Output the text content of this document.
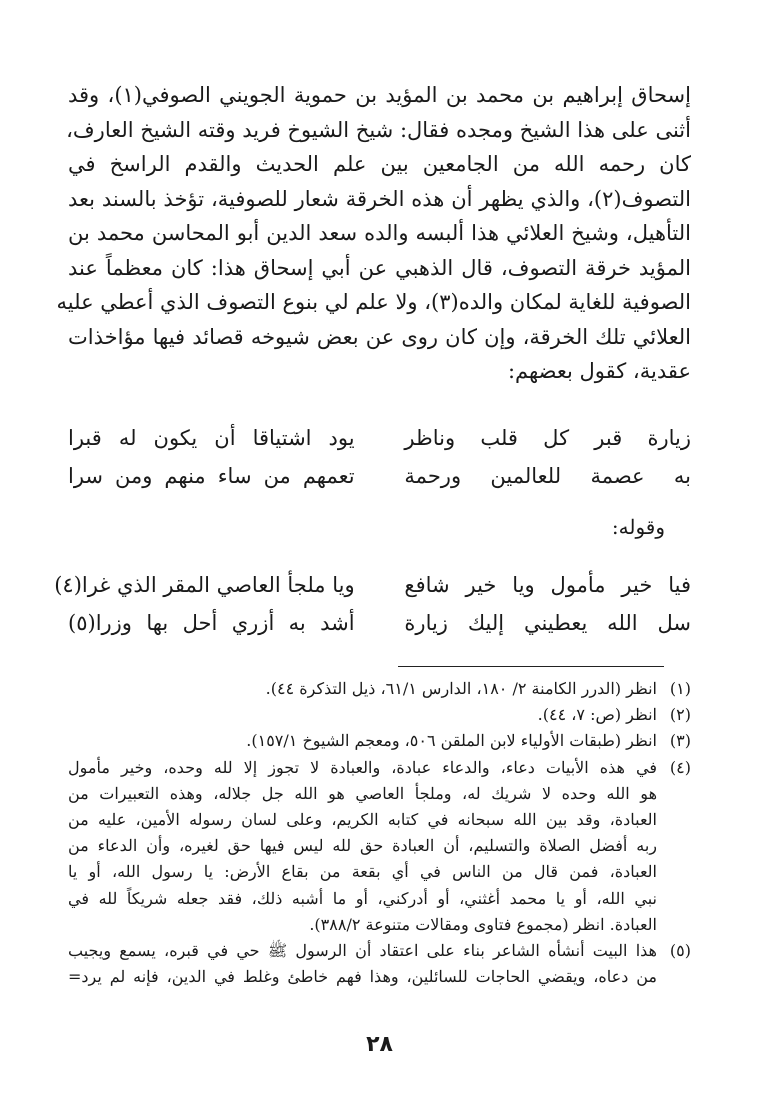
إسحاق إبراهيم بن محمد بن المؤيد بن حموية الجويني الصوفي(١)، وقد
أثنى على هذا الشيخ ومجده فقال: شيخ الشيوخ فريد وقته الشيخ العارف،
كان رحمه الله من الجامعين بين علم الحديث والقدم الراسخ في
التصوف(٢)، والذي يظهر أن هذه الخرقة شعار للصوفية، تؤخذ بالسند بعد
التأهيل، وشيخ العلائي هذا ألبسه والده سعد الدين أبو المحاسن محمد بن
المؤيد خرقة التصوف، قال الذهبي عن أبي إسحاق هذا: كان معظماً عند
الصوفية للغاية لمكان والده(٣)، ولا علم لي بنوع التصوف الذي أعطي عليه
العلائي تلك الخرقة، وإن كان روى عن بعض شيوخه قصائد فيها مؤاخذات
عقدية، كقول بعضهم:
زيارة قبر كل قلب وناظر
يود اشتياقا أن يكون له قبرا
به عصمة للعالمين ورحمة
تعمهم من ساء منهم ومن سرا
وقوله:
فيا خير مأمول ويا خير شافع
ويا ملجأ العاصي المقر الذي غرا(٤)
سل الله يعطيني إليك زيارة
أشد به أزري أحل بها وزرا(٥)
(١)
انظر (الدرر الكامنة ٢/ ١٨٠، الدارس ٦١/١، ذيل التذكرة ٤٤).
(٢)
انظر (ص: ٧، ٤٤).
(٣)
انظر (طبقات الأولياء لابن الملقن ٥٠٦، ومعجم الشيوخ ١٥٧/١).
(٤)
في هذه الأبيات دعاء، والدعاء عبادة، والعبادة لا تجوز إلا لله وحده، وخير مأمول
هو الله وحده لا شريك له، وملجأ العاصي هو الله جل جلاله، وهذه التعبيرات من
العبادة، وقد بين الله سبحانه في كتابه الكريم، وعلى لسان رسوله الأمين، عليه من
ربه أفضل الصلاة والتسليم، أن العبادة حق لله ليس فيها حق لغيره، وأن الدعاء من
العبادة، فمن قال من الناس في أي بقعة من بقاع الأرض: يا رسول الله، أو يا
نبي الله، أو يا محمد أغثني، أو أدركني، أو ما أشبه ذلك، فقد جعله شريكاً لله في
العبادة. انظر (مجموع فتاوى ومقالات متنوعة ٣٨٨/٢).
(٥)
هذا البيت أنشأه الشاعر بناء على اعتقاد أن الرسول ﷺ حي في قبره، يسمع ويجيب
من دعاه، ويقضي الحاجات للسائلين، وهذا فهم خاطئ وغلط في الدين، فإنه لم يرد=
٢٨
